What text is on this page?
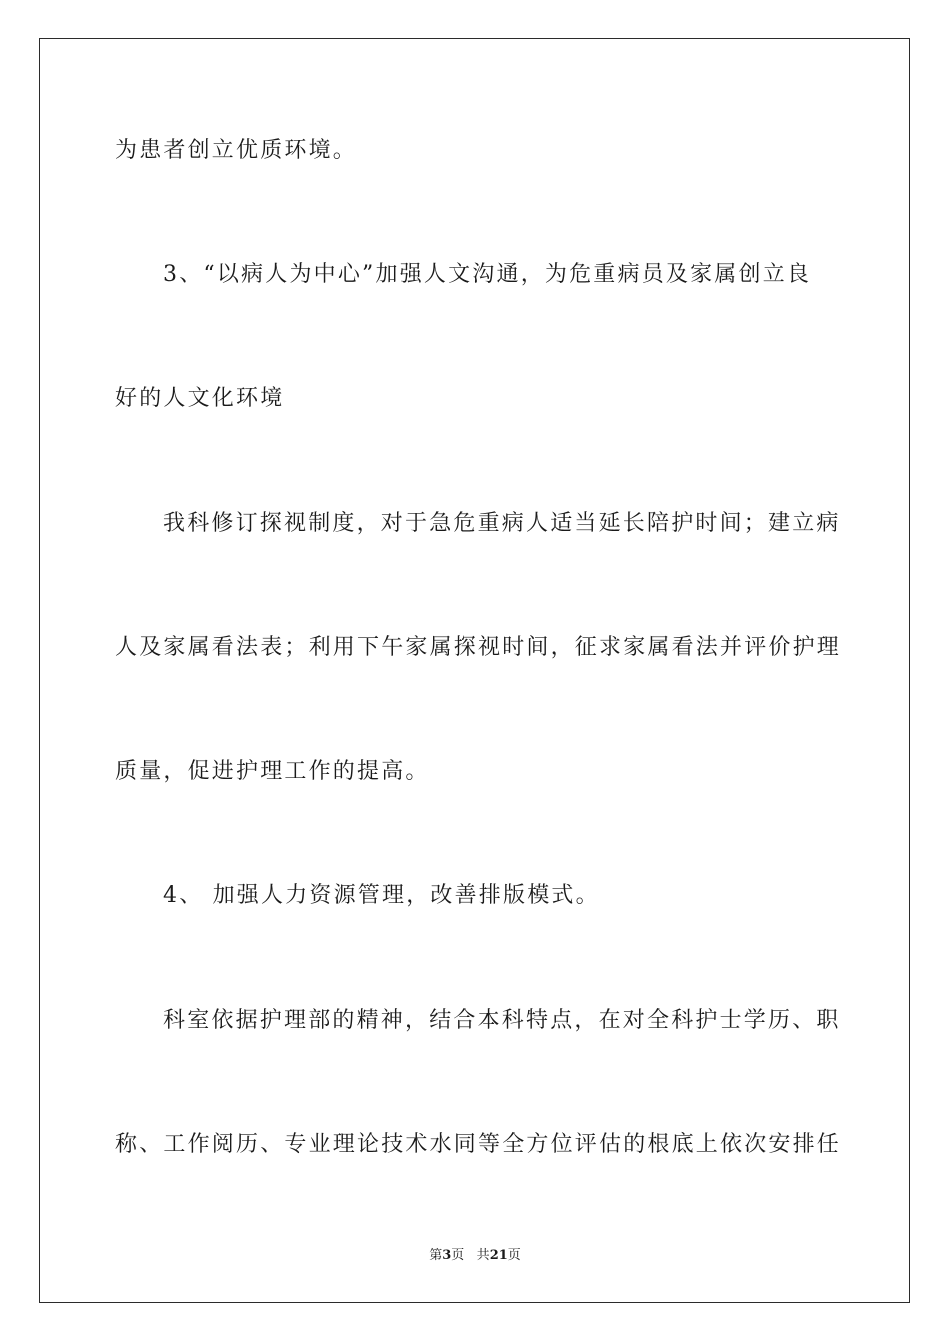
为患者创立优质环境。
3、“以病人为中心”加强人文沟通，为危重病员及家属创立良
好的人文化环境
我科修订探视制度，对于急危重病人适当延长陪护时间；建立病
人及家属看法表；利用下午家属探视时间，征求家属看法并评价护理
质量，促进护理工作的提高。
4、 加强人力资源管理，改善排版模式。
科室依据护理部的精神，结合本科特点，在对全科护士学历、职
称、工作阅历、专业理论技术水同等全方位评估的根底上依次安排任
第3页 共21页
